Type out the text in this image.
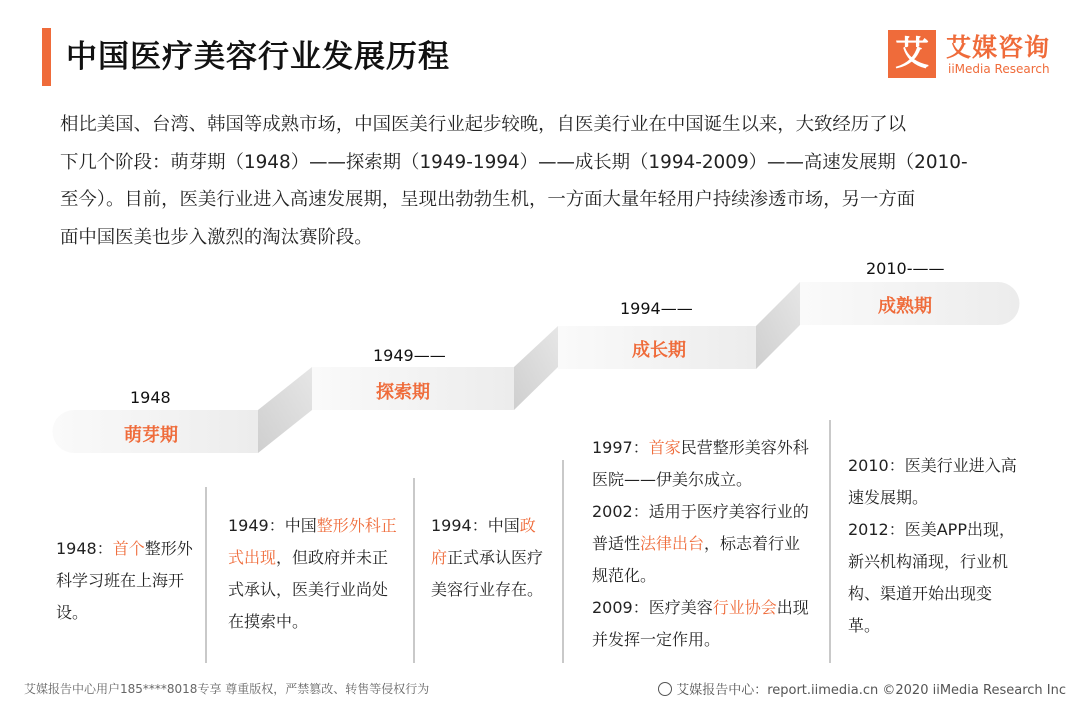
中国医疗美容行业发展历程	艾 艾媒咨询
iiMedia Research

相比美国、台湾、韩国等成熟市场，中国医美行业起步较晚，自医美行业在中国诞生以来，大致经历了以

下几个阶段：萌芽期（1948）——探索期（1949-1994）——成长期（1994-2009）——高速发展期（2010-

至今）。目前，医美行业进入高速发展期，呈现出勃勃生机，一方面大量年轻用户持续渗透市场，另一方面

面中国医美也步入激烈的淘汰赛阶段。

1948
萌芽期
1949——
探索期
1994——
成长期
2010-——
成熟期

1948：首个整形外科学习班在上海开设。

1949：中国整形外科正式出现，但政府并未正式承认，医美行业尚处在摸索中。

1994：中国政府正式承认医疗美容行业存在。

1997：首家民营整形美容外科医院——伊美尔成立。

2002：适用于医疗美容行业的普适性法律出台，标志着行业规范化。

2009：医疗美容行业协会出现并发挥一定作用。

2010：医美行业进入高速发展期。

2012：医美APP出现，新兴机构涌现，行业机构、渠道开始出现变革。

艾媒报告中心用户185****8018专享 尊重版权，严禁篡改、转售等侵权行为	艾媒报告中心：report.iimedia.cn ©2020 iiMedia Research Inc
